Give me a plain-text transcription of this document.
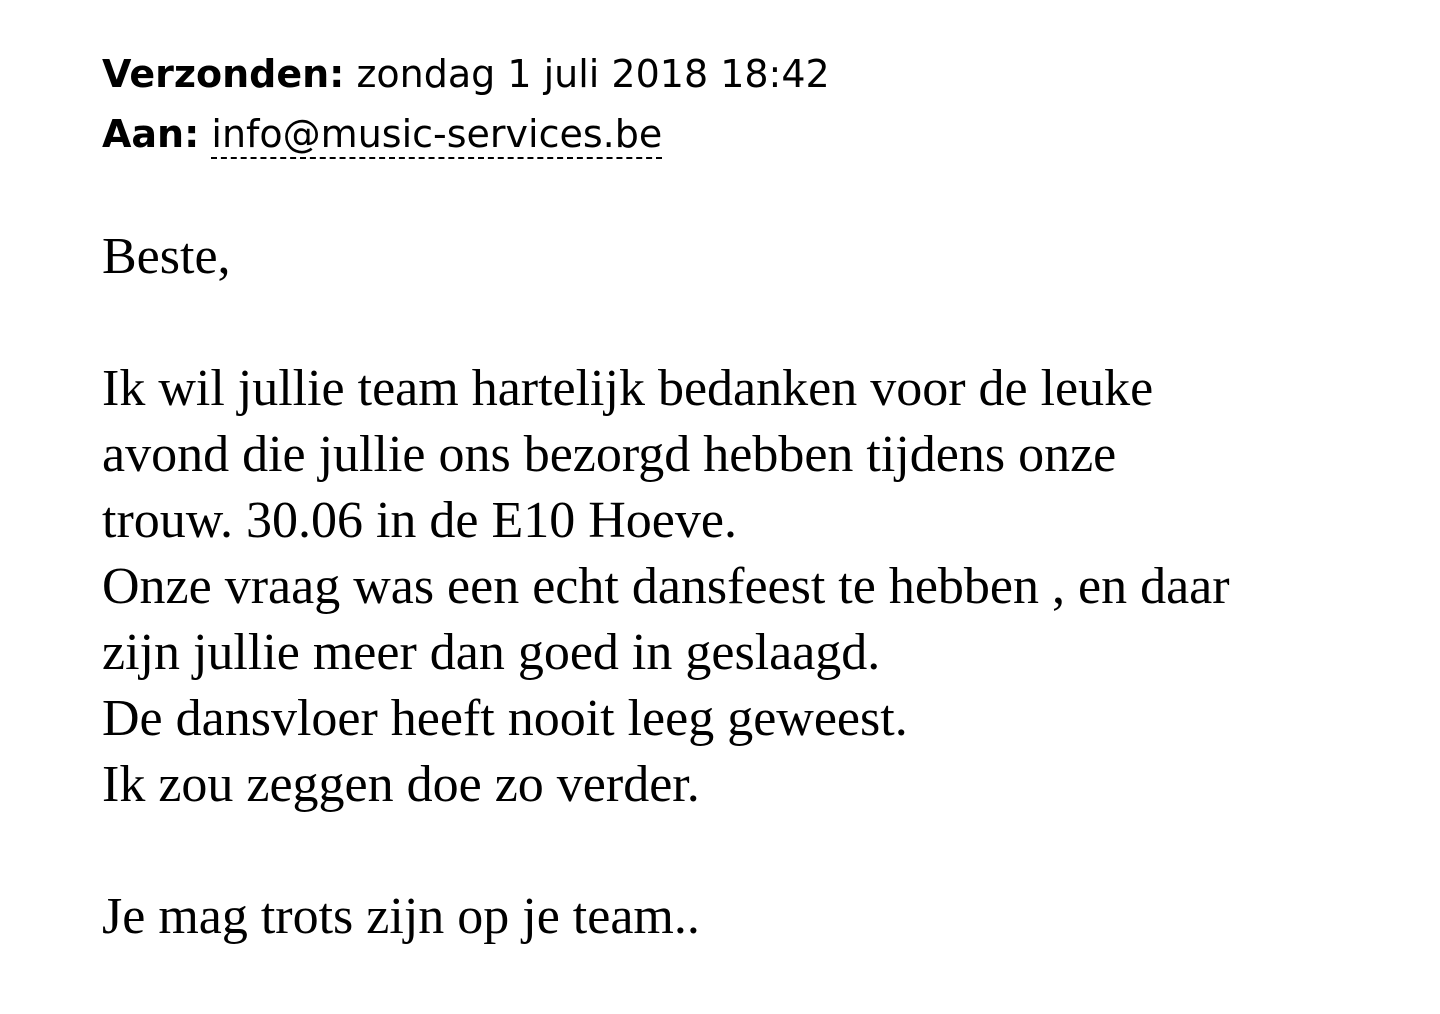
Verzonden: zondag 1 juli 2018 18:42
Aan: info@music-services.be
Beste,
Ik wil jullie team hartelijk bedanken voor de leuke
avond die jullie ons bezorgd hebben tijdens onze
trouw. 30.06 in de E10 Hoeve.
Onze vraag was een echt dansfeest te hebben , en daar
zijn jullie meer dan goed in geslaagd.
De dansvloer heeft nooit leeg geweest.
Ik zou zeggen doe zo verder.
Je mag trots zijn op je team..
